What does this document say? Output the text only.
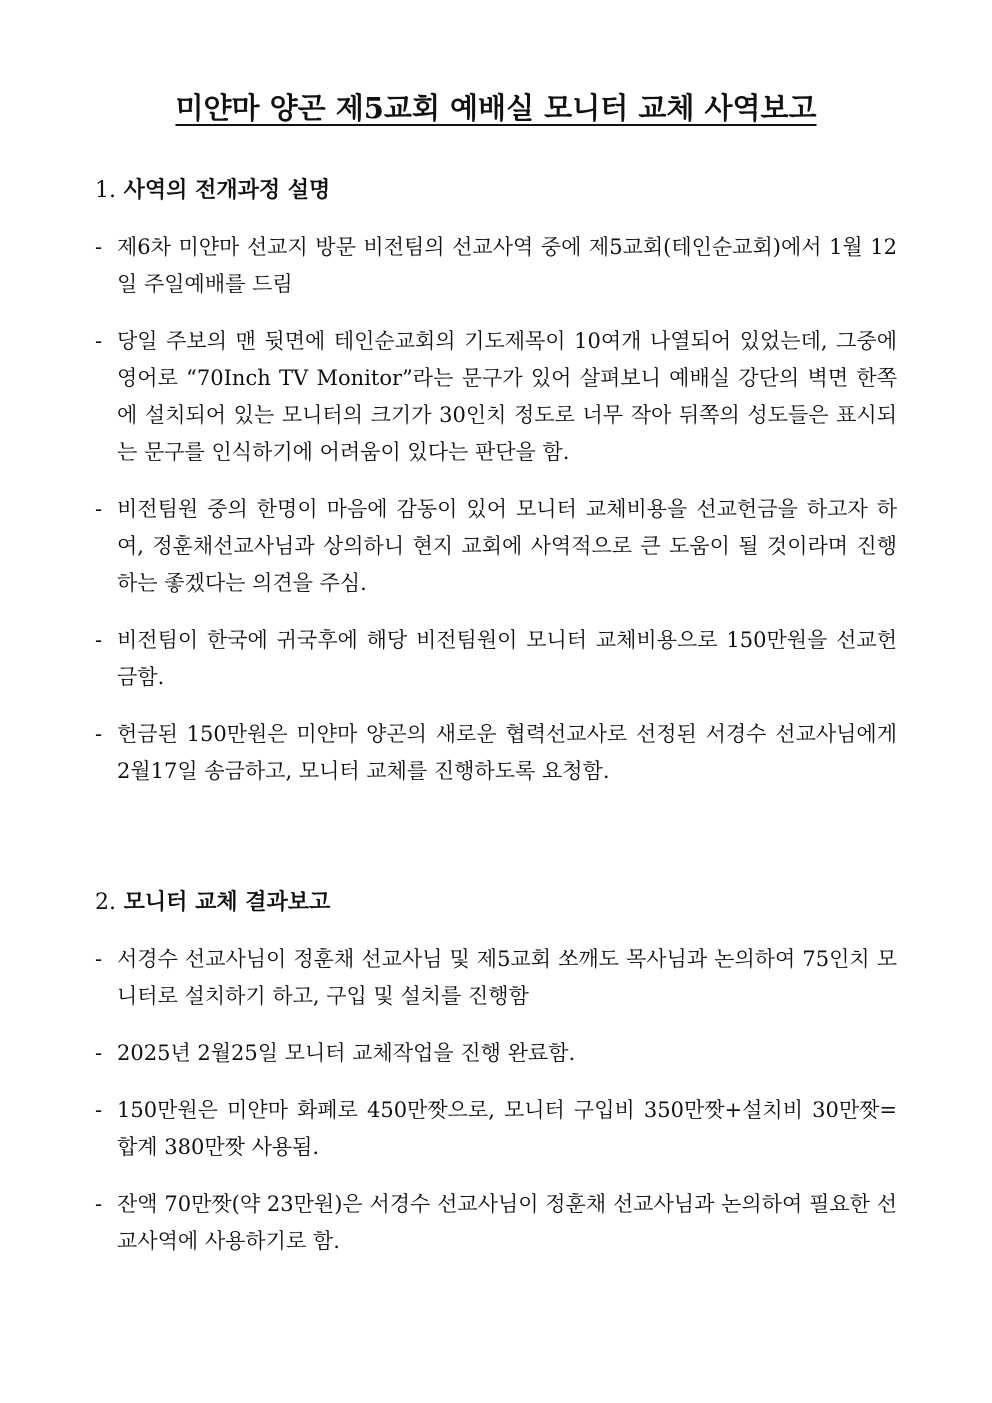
미얀마 양곤 제5교회 예배실 모니터 교체 사역보고

1. 사역의 전개과정 설명

- 제6차 미얀마 선교지 방문 비전팀의 선교사역 중에 제5교회(테인순교회)에서 1월 12일 주일예배를 드림

- 당일 주보의 맨 뒷면에 테인순교회의 기도제목이 10여개 나열되어 있었는데, 그중에 영어로 “70Inch TV Monitor”라는 문구가 있어 살펴보니 예배실 강단의 벽면 한쪽에 설치되어 있는 모니터의 크기가 30인치 정도로 너무 작아 뒤쪽의 성도들은 표시되는 문구를 인식하기에 어려움이 있다는 판단을 함.

- 비전팀원 중의 한명이 마음에 감동이 있어 모니터 교체비용을 선교헌금을 하고자 하여, 정훈채선교사님과 상의하니 현지 교회에 사역적으로 큰 도움이 될 것이라며 진행하는 좋겠다는 의견을 주심.

- 비전팀이 한국에 귀국후에 해당 비전팀원이 모니터 교체비용으로 150만원을 선교헌금함.

- 헌금된 150만원은 미얀마 양곤의 새로운 협력선교사로 선정된 서경수 선교사님에게 2월17일 송금하고, 모니터 교체를 진행하도록 요청함.

2. 모니터 교체 결과보고

- 서경수 선교사님이 정훈채 선교사님 및 제5교회 쏘깨도 목사님과 논의하여 75인치 모니터로 설치하기 하고, 구입 및 설치를 진행함

- 2025년 2월25일 모니터 교체작업을 진행 완료함.

- 150만원은 미얀마 화폐로 450만짯으로, 모니터 구입비 350만짯+설치비 30만짯=합계 380만짯 사용됨.

- 잔액 70만짯(약 23만원)은 서경수 선교사님이 정훈채 선교사님과 논의하여 필요한 선교사역에 사용하기로 함.
